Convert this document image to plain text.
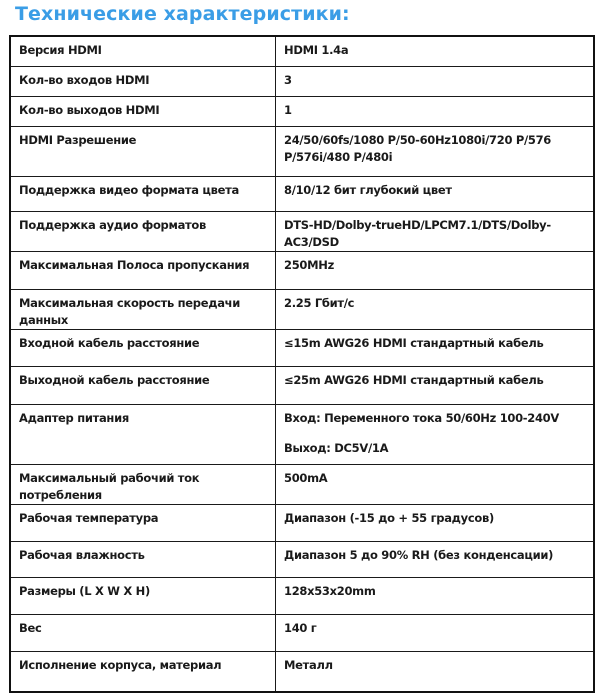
Технические характеристики:
Версия HDMI	HDMI 1.4a
Кол-во входов HDMI	3
Кол-во выходов HDMI	1
HDMI Разрешение	24/50/60fs/1080 P/50-60Hz1080i/720 P/576 P/576i/480 P/480i
Поддержка видео формата цвета	8/10/12 бит глубокий цвет
Поддержка аудио форматов	DTS-HD/Dolby-trueHD/LPCM7.1/DTS/Dolby-AC3/DSD
Максимальная Полоса пропускания	250MHz
Максимальная скорость передачи данных	2.25 Гбит/с
Входной кабель расстояние	≤15m AWG26 HDMI стандартный кабель
Выходной кабель расстояние	≤25m AWG26 HDMI стандартный кабель
Адаптер питания	Вход: Переменного тока 50/60Hz 100-240V
Выход: DC5V/1A

Максимальный рабочий ток потребления	500mA
Рабочая температура	Диапазон (-15 до + 55 градусов)
Рабочая влажность	Диапазон 5 до 90% RH (без конденсации)
Размеры (L X W X H)	128x53x20mm
Вес	140 г
Исполнение корпуса, материал	Металл
